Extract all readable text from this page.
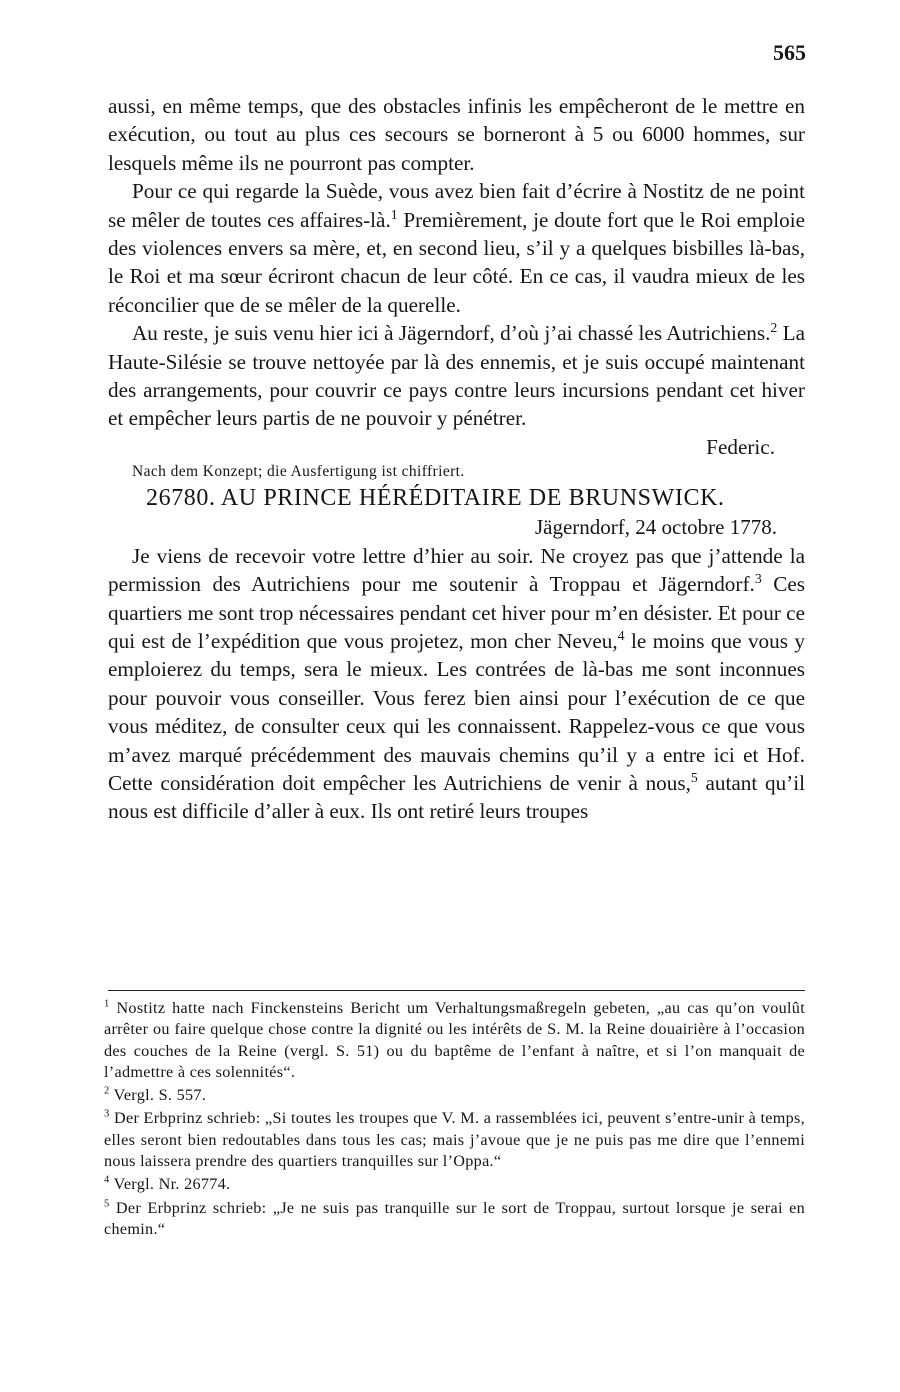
565

aussi, en même temps, que des obstacles infinis les empêcheront de le mettre en exécution, ou tout au plus ces secours se borneront à 5 ou 6000 hommes, sur lesquels même ils ne pourront pas compter.

Pour ce qui regarde la Suède, vous avez bien fait d’écrire à Nostitz de ne point se mêler de toutes ces affaires-là.$^1$ Premièrement, je doute fort que le Roi emploie des violences envers sa mère, et, en second lieu, s’il y a quelques bisbilles là-bas, le Roi et ma sœur écriront chacun de leur côté. En ce cas, il vaudra mieux de les réconcilier que de se mêler de la querelle.

Au reste, je suis venu hier ici à Jägerndorf, d’où j’ai chassé les Autrichiens.$^2$ La Haute-Silésie se trouve nettoyée par là des ennemis, et je suis occupé maintenant des arrangements, pour couvrir ce pays contre leurs incursions pendant cet hiver et empêcher leurs partis de ne pouvoir y pénétrer.

Federic.

Nach dem Konzept; die Ausfertigung ist chiffriert.

26780. AU PRINCE HÉRÉDITAIRE DE BRUNSWICK.

Jägerndorf, 24 octobre 1778.

Je viens de recevoir votre lettre d’hier au soir. Ne croyez pas que j’attende la permission des Autrichiens pour me soutenir à Troppau et Jägerndorf.$^3$ Ces quartiers me sont trop nécessaires pendant cet hiver pour m’en désister. Et pour ce qui est de l’expédition que vous projetez, mon cher Neveu,$^4$ le moins que vous y emploierez du temps, sera le mieux. Les contrées de là-bas me sont inconnues pour pouvoir vous conseiller. Vous ferez bien ainsi pour l’exécution de ce que vous méditez, de consulter ceux qui les connaissent. Rappelez-vous ce que vous m’avez marqué précédemment des mauvais chemins qu’il y a entre ici et Hof. Cette considération doit empêcher les Autrichiens de venir à nous,$^5$ autant qu’il nous est difficile d’aller à eux. Ils ont retiré leurs troupes

$^1$ Nostitz hatte nach Finckensteins Bericht um Verhaltungsmaßregeln gebeten, „au cas qu’on voulût arrêter ou faire quelque chose contre la dignité ou les intérêts de S. M. la Reine douairière à l’occasion des couches de la Reine (vergl. S. 51) ou du baptême de l’enfant à naître, et si l’on manquait de l’admettre à ces solennités“.

$^2$ Vergl. S. 557.

$^3$ Der Erbprinz schrieb: „Si toutes les troupes que V. M. a rassemblées ici, peuvent s’entre-unir à temps, elles seront bien redoutables dans tous les cas; mais j’avoue que je ne puis pas me dire que l’ennemi nous laissera prendre des quartiers tranquilles sur l’Oppa.“

$^4$ Vergl. Nr. 26774.

$^5$ Der Erbprinz schrieb: „Je ne suis pas tranquille sur le sort de Troppau, surtout lorsque je serai en chemin.“
